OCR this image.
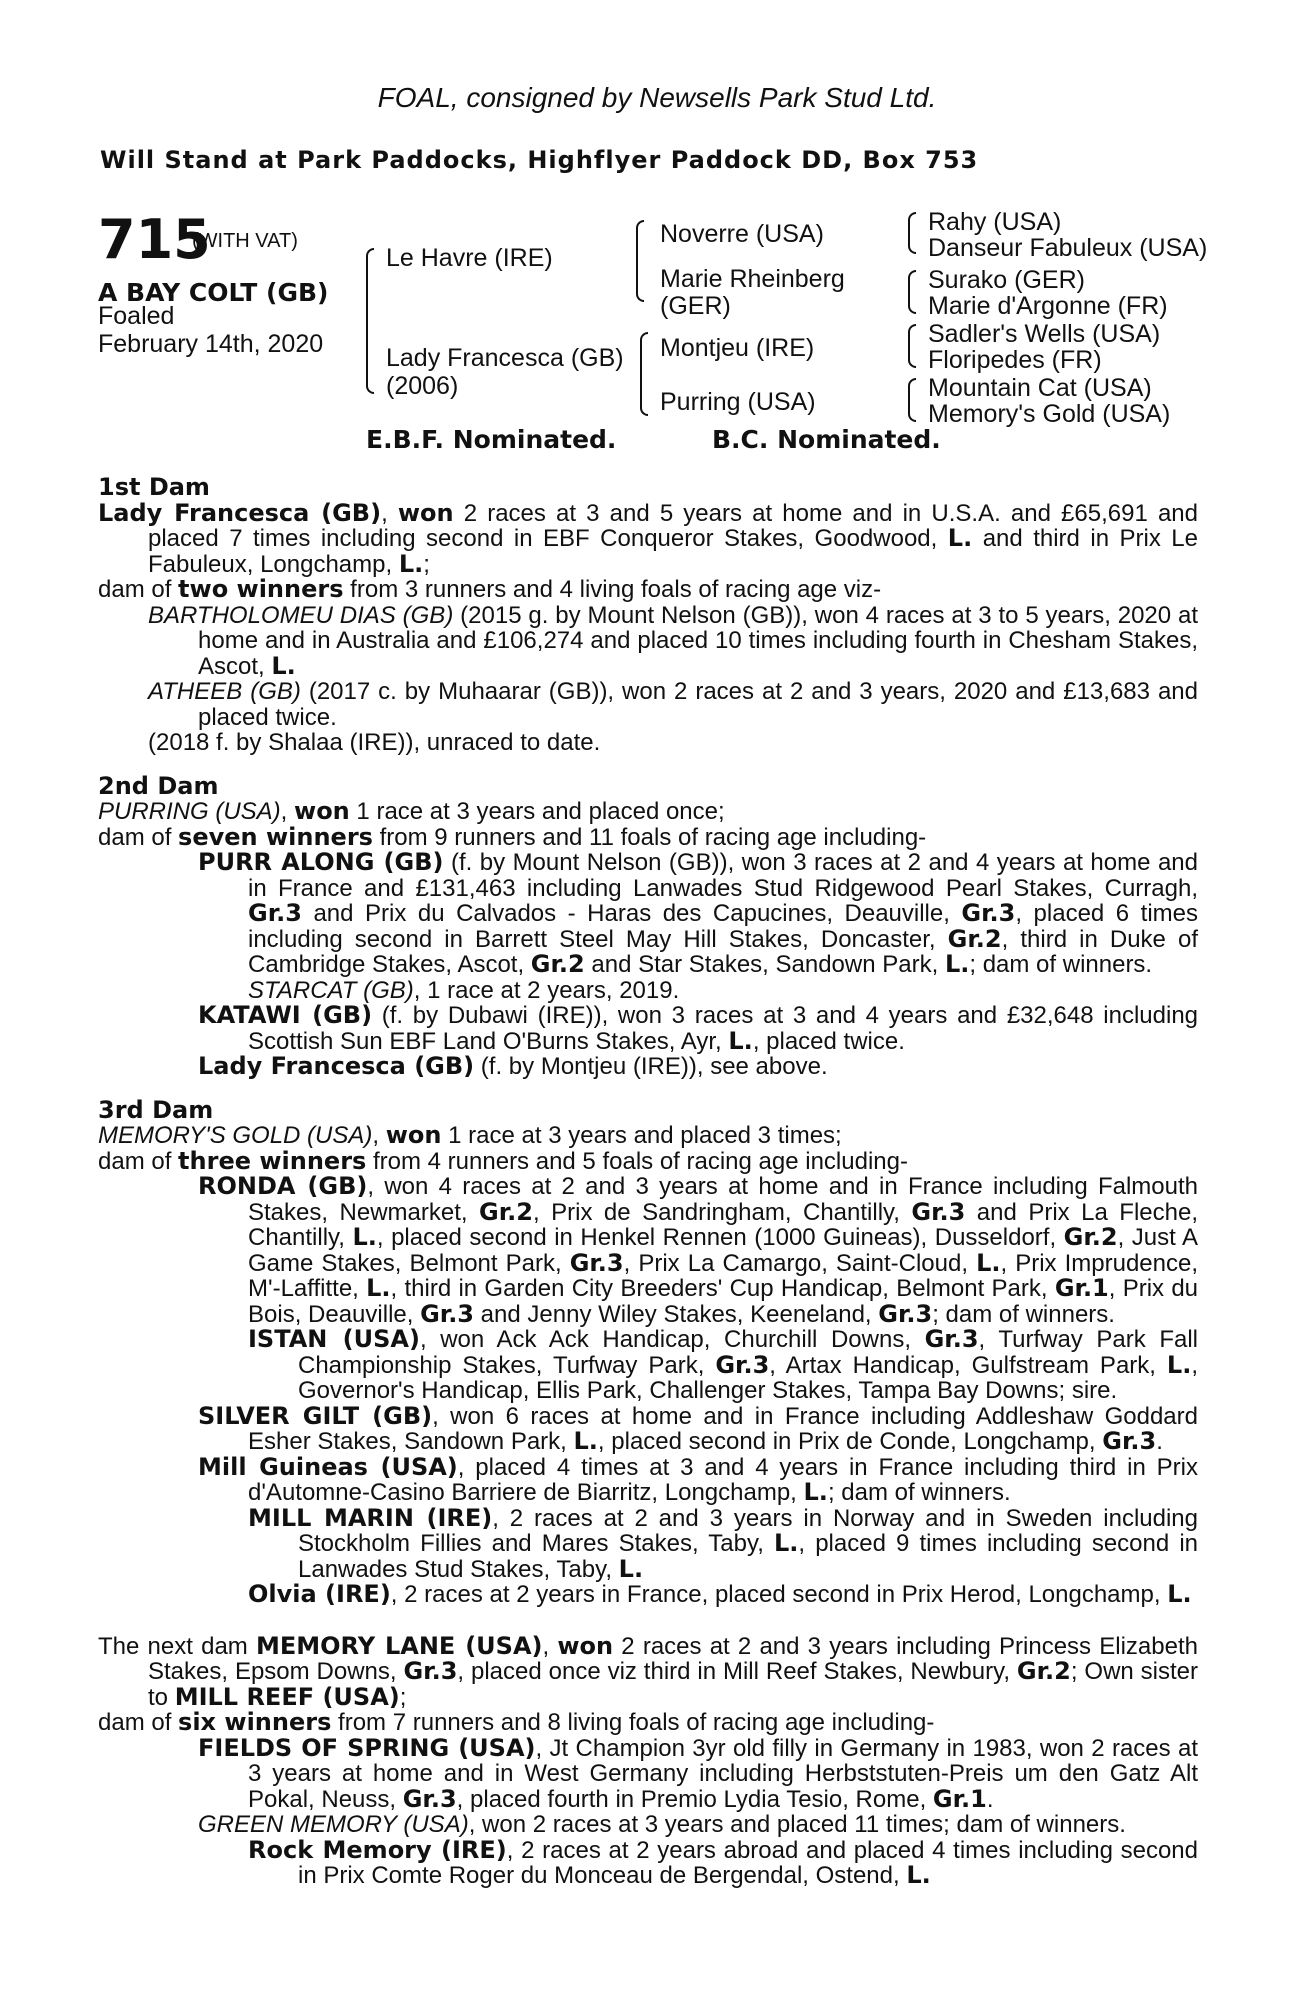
FOAL, consigned by Newsells Park Stud Ltd.
Will Stand at Park Paddocks, Highflyer Paddock DD, Box 753
715
(WITH VAT)
A BAY COLT (GB)
Foaled
February 14th, 2020
Le Havre (IRE)
Lady Francesca (GB)
(2006)
Noverre (USA)
Marie Rheinberg
(GER)
Montjeu (IRE)
Purring (USA)
Rahy (USA)
Danseur Fabuleux (USA)
Surako (GER)
Marie d'Argonne (FR)
Sadler's Wells (USA)
Floripedes (FR)
Mountain Cat (USA)
Memory's Gold (USA)
E.B.F. Nominated.	B.C. Nominated.
1st Dam
Lady Francesca (GB), won 2 races at 3 and 5 years at home and in U.S.A. and £65,691 and placed 7 times including second in EBF Conqueror Stakes, Goodwood, L. and third in Prix Le Fabuleux, Longchamp, L.;
dam of two winners from 3 runners and 4 living foals of racing age viz-
BARTHOLOMEU DIAS (GB) (2015 g. by Mount Nelson (GB)), won 4 races at 3 to 5 years, 2020 at home and in Australia and £106,274 and placed 10 times including fourth in Chesham Stakes, Ascot, L.
ATHEEB (GB) (2017 c. by Muhaarar (GB)), won 2 races at 2 and 3 years, 2020 and £13,683 and placed twice.
(2018 f. by Shalaa (IRE)), unraced to date.
2nd Dam
PURRING (USA), won 1 race at 3 years and placed once;
dam of seven winners from 9 runners and 11 foals of racing age including-
PURR ALONG (GB) (f. by Mount Nelson (GB)), won 3 races at 2 and 4 years at home and in France and £131,463 including Lanwades Stud Ridgewood Pearl Stakes, Curragh, Gr.3 and Prix du Calvados - Haras des Capucines, Deauville, Gr.3, placed 6 times including second in Barrett Steel May Hill Stakes, Doncaster, Gr.2, third in Duke of Cambridge Stakes, Ascot, Gr.2 and Star Stakes, Sandown Park, L.; dam of winners.
STARCAT (GB), 1 race at 2 years, 2019.
KATAWI (GB) (f. by Dubawi (IRE)), won 3 races at 3 and 4 years and £32,648 including Scottish Sun EBF Land O'Burns Stakes, Ayr, L., placed twice.
Lady Francesca (GB) (f. by Montjeu (IRE)), see above.
3rd Dam
MEMORY'S GOLD (USA), won 1 race at 3 years and placed 3 times;
dam of three winners from 4 runners and 5 foals of racing age including-
RONDA (GB), won 4 races at 2 and 3 years at home and in France including Falmouth Stakes, Newmarket, Gr.2, Prix de Sandringham, Chantilly, Gr.3 and Prix La Fleche, Chantilly, L., placed second in Henkel Rennen (1000 Guineas), Dusseldorf, Gr.2, Just A Game Stakes, Belmont Park, Gr.3, Prix La Camargo, Saint-Cloud, L., Prix Imprudence, M'-Laffitte, L., third in Garden City Breeders' Cup Handicap, Belmont Park, Gr.1, Prix du Bois, Deauville, Gr.3 and Jenny Wiley Stakes, Keeneland, Gr.3; dam of winners.
ISTAN (USA), won Ack Ack Handicap, Churchill Downs, Gr.3, Turfway Park Fall Championship Stakes, Turfway Park, Gr.3, Artax Handicap, Gulfstream Park, L., Governor's Handicap, Ellis Park, Challenger Stakes, Tampa Bay Downs; sire.
SILVER GILT (GB), won 6 races at home and in France including Addleshaw Goddard Esher Stakes, Sandown Park, L., placed second in Prix de Conde, Longchamp, Gr.3.
Mill Guineas (USA), placed 4 times at 3 and 4 years in France including third in Prix d'Automne-Casino Barriere de Biarritz, Longchamp, L.; dam of winners.
MILL MARIN (IRE), 2 races at 2 and 3 years in Norway and in Sweden including Stockholm Fillies and Mares Stakes, Taby, L., placed 9 times including second in Lanwades Stud Stakes, Taby, L.
Olvia (IRE), 2 races at 2 years in France, placed second in Prix Herod, Longchamp, L.
The next dam MEMORY LANE (USA), won 2 races at 2 and 3 years including Princess Elizabeth Stakes, Epsom Downs, Gr.3, placed once viz third in Mill Reef Stakes, Newbury, Gr.2; Own sister to MILL REEF (USA);
dam of six winners from 7 runners and 8 living foals of racing age including-
FIELDS OF SPRING (USA), Jt Champion 3yr old filly in Germany in 1983, won 2 races at 3 years at home and in West Germany including Herbststuten-Preis um den Gatz Alt Pokal, Neuss, Gr.3, placed fourth in Premio Lydia Tesio, Rome, Gr.1.
GREEN MEMORY (USA), won 2 races at 3 years and placed 11 times; dam of winners.
Rock Memory (IRE), 2 races at 2 years abroad and placed 4 times including second in Prix Comte Roger du Monceau de Bergendal, Ostend, L.
